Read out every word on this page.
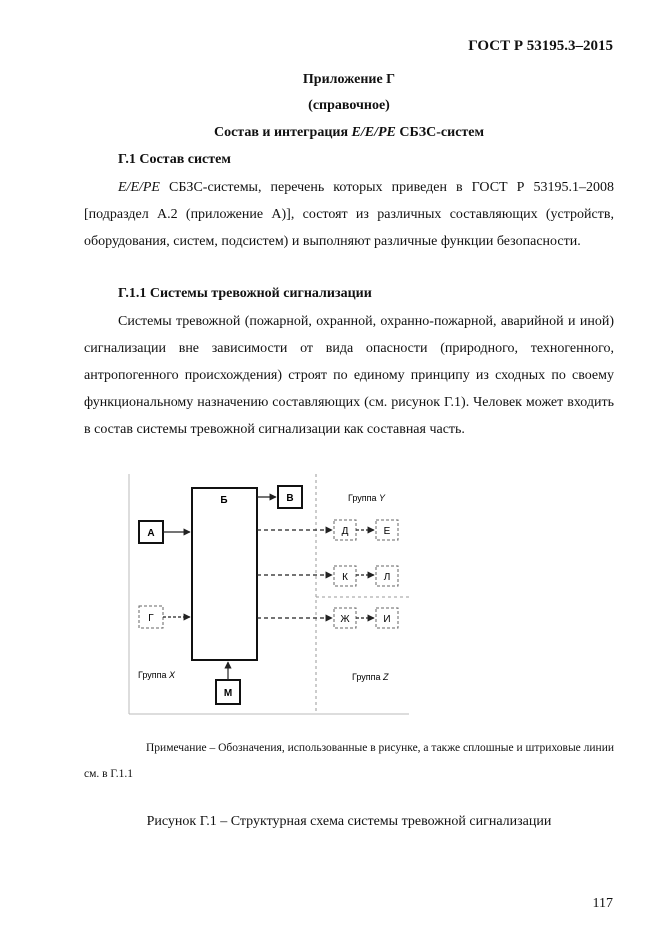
ГОСТ Р 53195.3–2015
Приложение Г
(справочное)
Состав и интеграция E/E/PE СБЗС-систем
Г.1 Состав систем

E/E/PE СБЗС-системы, перечень которых приведен в ГОСТ Р 53195.1–2008 [подраздел А.2 (приложение А)], состоят из различных составляющих (устройств, оборудования, систем, подсистем) и выполняют различные функции безопасности.

Г.1.1 Системы тревожной сигнализации

Системы тревожной (пожарной, охранной, охранно-пожарной, аварийной и иной) сигнализации вне зависимости от вида опасности (природного, техногенного, антропогенного происхождения) строят по единому принципу из сходных по своему функциональному назначению составляющих (см. рисунок Г.1). Человек может входить в состав системы тревожной сигнализации как составная часть.

Б	В
А
Г
Д	Е
К	Л
Ж	И
М
Группа Y
Группа X	Группа Z

Примечание – Обозначения, использованные в рисунке, а также сплошные и штриховые линии см. в Г.1.1

Рисунок Г.1 – Структурная схема системы тревожной сигнализации
117
